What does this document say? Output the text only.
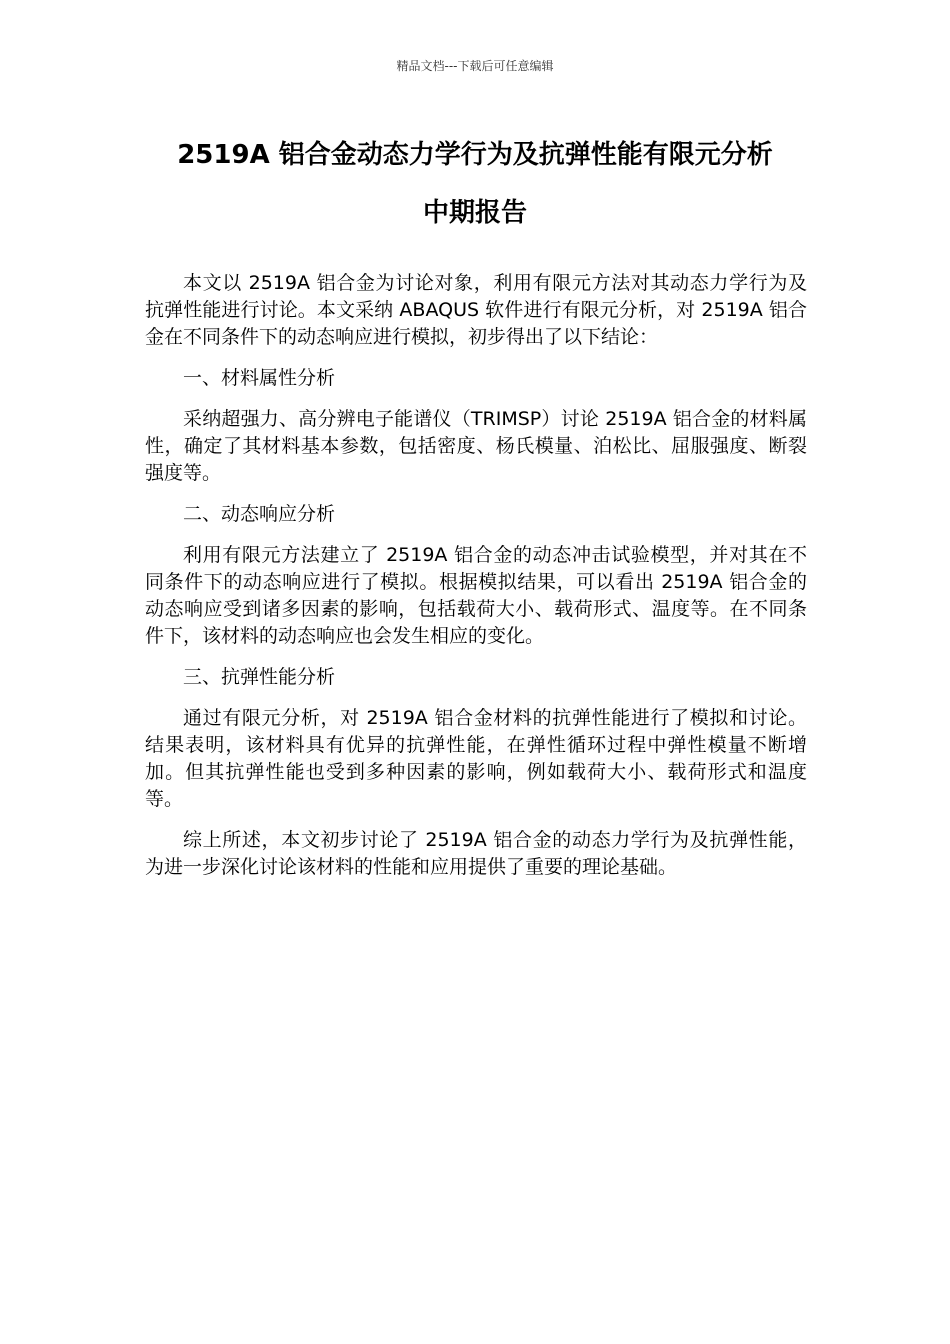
精品文档---下载后可任意编辑
2519A 铝合金动态力学行为及抗弹性能有限元分析
中期报告

本文以 2519A 铝合金为讨论对象，利用有限元方法对其动态力学行为及抗弹性能进行讨论。本文采纳 ABAQUS 软件进行有限元分析，对 2519A 铝合金在不同条件下的动态响应进行模拟，初步得出了以下结论：

一、材料属性分析

采纳超强力、高分辨电子能谱仪（TRIMSP）讨论 2519A 铝合金的材料属性，确定了其材料基本参数，包括密度、杨氏模量、泊松比、屈服强度、断裂强度等。

二、动态响应分析

利用有限元方法建立了 2519A 铝合金的动态冲击试验模型，并对其在不同条件下的动态响应进行了模拟。根据模拟结果，可以看出 2519A 铝合金的动态响应受到诸多因素的影响，包括载荷大小、载荷形式、温度等。在不同条件下，该材料的动态响应也会发生相应的变化。

三、抗弹性能分析

通过有限元分析，对 2519A 铝合金材料的抗弹性能进行了模拟和讨论。结果表明，该材料具有优异的抗弹性能，在弹性循环过程中弹性模量不断增加。但其抗弹性能也受到多种因素的影响，例如载荷大小、载荷形式和温度等。

综上所述，本文初步讨论了 2519A 铝合金的动态力学行为及抗弹性能，为进一步深化讨论该材料的性能和应用提供了重要的理论基础。
